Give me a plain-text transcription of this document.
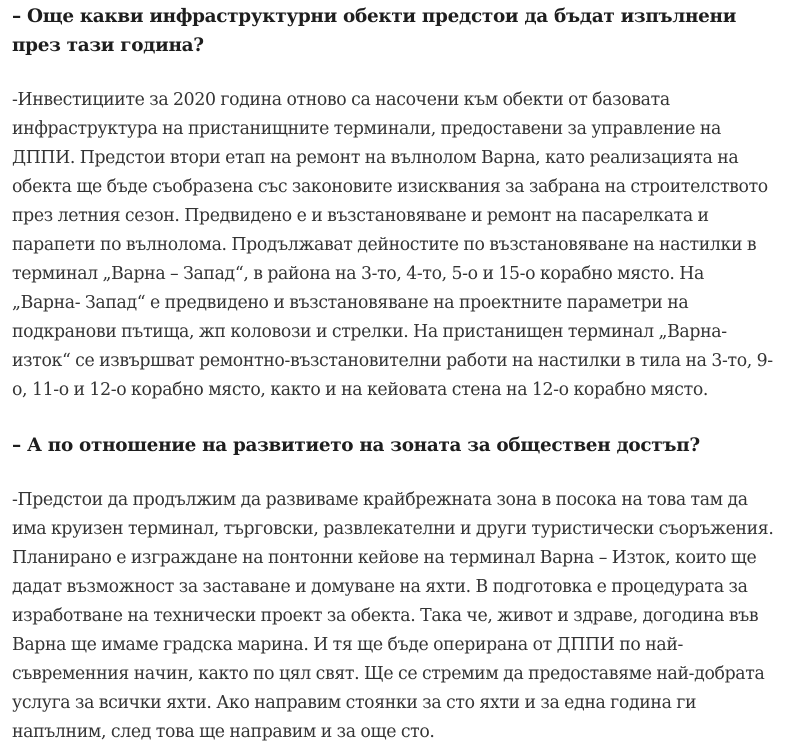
– Още какви инфраструктурни обекти предстои да бъдат изпълнени през тази година?

-Инвестициите за 2020 година отново са насочени към обекти от базовата инфраструктура на пристанищните терминали, предоставени за управление на ДППИ. Предстои втори етап на ремонт на вълнолом Варна, като реализацията на обекта ще бъде съобразена със законовите изисквания за забрана на строителството през летния сезон. Предвидено е и възстановяване и ремонт на пасарелката и парапети по вълнолома. Продължават дейностите по възстановяване на настилки в терминал „Варна – Запад“, в района на 3-то, 4-то, 5-о и 15-о корабно място. На „Варна- Запад“ е предвидено и възстановяване на проектните параметри на подкранови пътища, жп коловози и стрелки. На пристанищен терминал „Варна-изток“ се извършват ремонтно-възстановителни работи на настилки в тила на 3-то, 9-о, 11-о и 12-о корабно място, както и на кейовата стена на 12-о корабно място.

– А по отношение на развитието на зоната за обществен достъп?

-Предстои да продължим да развиваме крайбрежната зона в посока на това там да има круизен терминал, търговски, развлекателни и други туристически съоръжения. Планирано е изграждане на понтонни кейове на терминал Варна – Изток, които ще дадат възможност за заставане и домуване на яхти. В подготовка е процедурата за изработване на технически проект за обекта. Така че, живот и здраве, догодина във Варна ще имаме градска марина. И тя ще бъде оперирана от ДППИ по най-съвременния начин, както по цял свят. Ще се стремим да предоставяме най-добрата услуга за всички яхти. Ако направим стоянки за сто яхти и за една година ги напълним, след това ще направим и за още сто.
